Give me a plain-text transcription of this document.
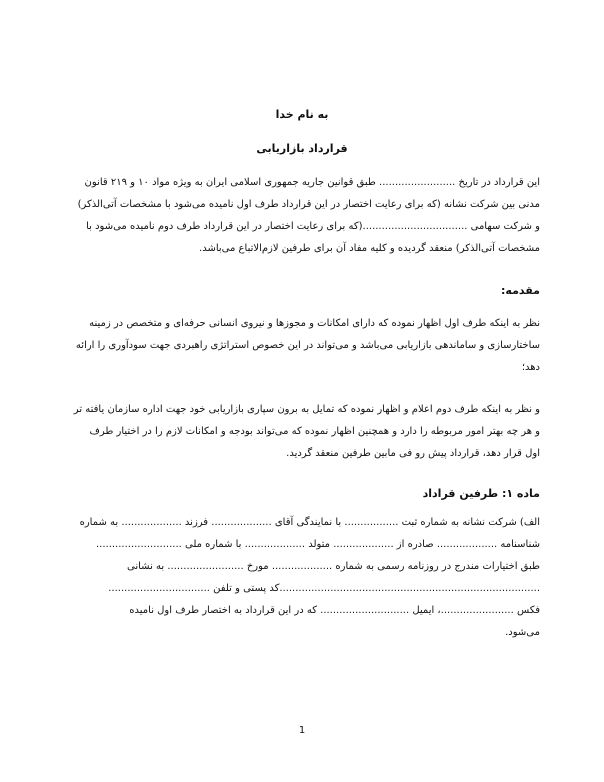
به نام خدا
قرارداد بازاریابی
این قرارداد در تاریخ ........................ طبق قوانین جاریه جمهوری اسلامی ایران به ویژه مواد ۱۰ و ۲۱۹ قانون
مدنی بین شرکت نشانه (که برای رعایت اختصار در این قرارداد طرف اول نامیده می‌شود با مشخصات آتی‌الذکر)
و شرکت سهامی .................................(که برای رعایت اختصار در این قرارداد طرف دوم نامیده می‌شود با
مشخصات آتی‌الذکر) منعقد گردیده و کلیه مفاد آن برای طرفین لازم‌الاتباع می‌باشد.
مقدمه:
نظر به اینکه طرف اول اظهار نموده که دارای امکانات و مجوزها و نیروی انسانی حرفه‌ای و متخصص در زمینه
ساختارسازی و ساماندهی بازاریابی می‌باشد و می‌تواند در این خصوص استراتژی راهبردی جهت سودآوری را ارائه
دهد؛
و نظر به اینکه طرف دوم اعلام و اظهار نموده که تمایل به برون سپاری بازاریابی خود جهت اداره سازمان یافته تر
و هر چه بهتر امور مربوطه را دارد و همچنین اظهار نموده که می‌تواند بودجه و امکانات لازم را در اختیار طرف
اول قرار دهد، قرارداد پیش رو فی مابین طرفین منعقد گردید.
ماده ۱: طرفین قراداد
الف) شرکت نشانه به شماره ثبت ................. با نمایندگی آقای ................... فرزند ................... به شماره
شناسنامه ................... صادره از ................... متولد ................... با شماره ملی ...........................
طبق اختیارات مندرج در روزنامه رسمی به شماره ................... مورخ ........................ به نشانی
..................................................................................کد پستی و تلفن ................................
فکس .......................، ایمیل ............................ که در این قرارداد به اختصار طرف اول نامیده
می‌شود.
1
